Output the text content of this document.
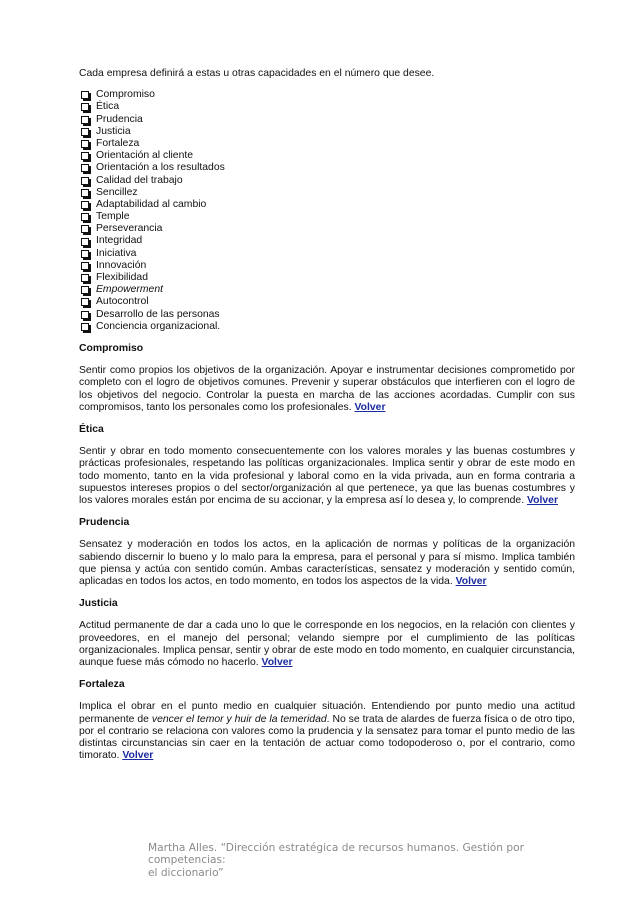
Cada empresa definirá a estas u otras capacidades en el número que desee.

Compromiso
Ética
Prudencia
Justicia
Fortaleza
Orientación al cliente
Orientación a los resultados
Calidad del trabajo
Sencillez
Adaptabilidad al cambio
Temple
Perseverancia
Integridad
Iniciativa
Innovación
Flexibilidad
Empowerment
Autocontrol
Desarrollo de las personas
Conciencia organizacional.
Compromiso

Sentir como propios los objetivos de la organización. Apoyar e instrumentar decisiones comprometido por completo con el logro de objetivos comunes. Prevenir y superar obstáculos que interfieren con el logro de los objetivos del negocio. Controlar la puesta en marcha de las acciones acordadas. Cumplir con sus compromisos, tanto los personales como los profesionales. Volver

Ética

Sentir y obrar en todo momento consecuentemente con los valores morales y las buenas costumbres y prácticas profesionales, respetando las políticas organizacionales. Implica sentir y obrar de este modo en todo momento, tanto en la vida profesional y laboral como en la vida privada, aun en forma contraria a supuestos intereses propios o del sector/organización al que pertenece, ya que las buenas costumbres y los valores morales están por encima de su accionar, y la empresa así lo desea y, lo comprende. Volver

Prudencia

Sensatez y moderación en todos los actos, en la aplicación de normas y políticas de la organización sabiendo discernir lo bueno y lo malo para la empresa, para el personal y para sí mismo. Implica también que piensa y actúa con sentido común. Ambas características, sensatez y moderación y sentido común, aplicadas en todos los actos, en todo momento, en todos los aspectos de la vida. Volver

Justicia

Actitud permanente de dar a cada uno lo que le corresponde en los negocios, en la relación con clientes y proveedores, en el manejo del personal; velando siempre por el cumplimiento de las políticas organizacionales. Implica pensar, sentir y obrar de este modo en todo momento, en cualquier circunstancia, aunque fuese más cómodo no hacerlo. Volver

Fortaleza

Implica el obrar en el punto medio en cualquier situación. Entendiendo por punto medio una actitud permanente de vencer el temor y huir de la temeridad. No se trata de alardes de fuerza física o de otro tipo, por el contrario se relaciona con valores como la prudencia y la sensatez para tomar el punto medio de las distintas circunstancias sin caer en la tentación de actuar como todopoderoso o, por el contrario, como timorato. Volver

Martha Alles. “Dirección estratégica de recursos humanos. Gestión por competencias:
el diccionario”
